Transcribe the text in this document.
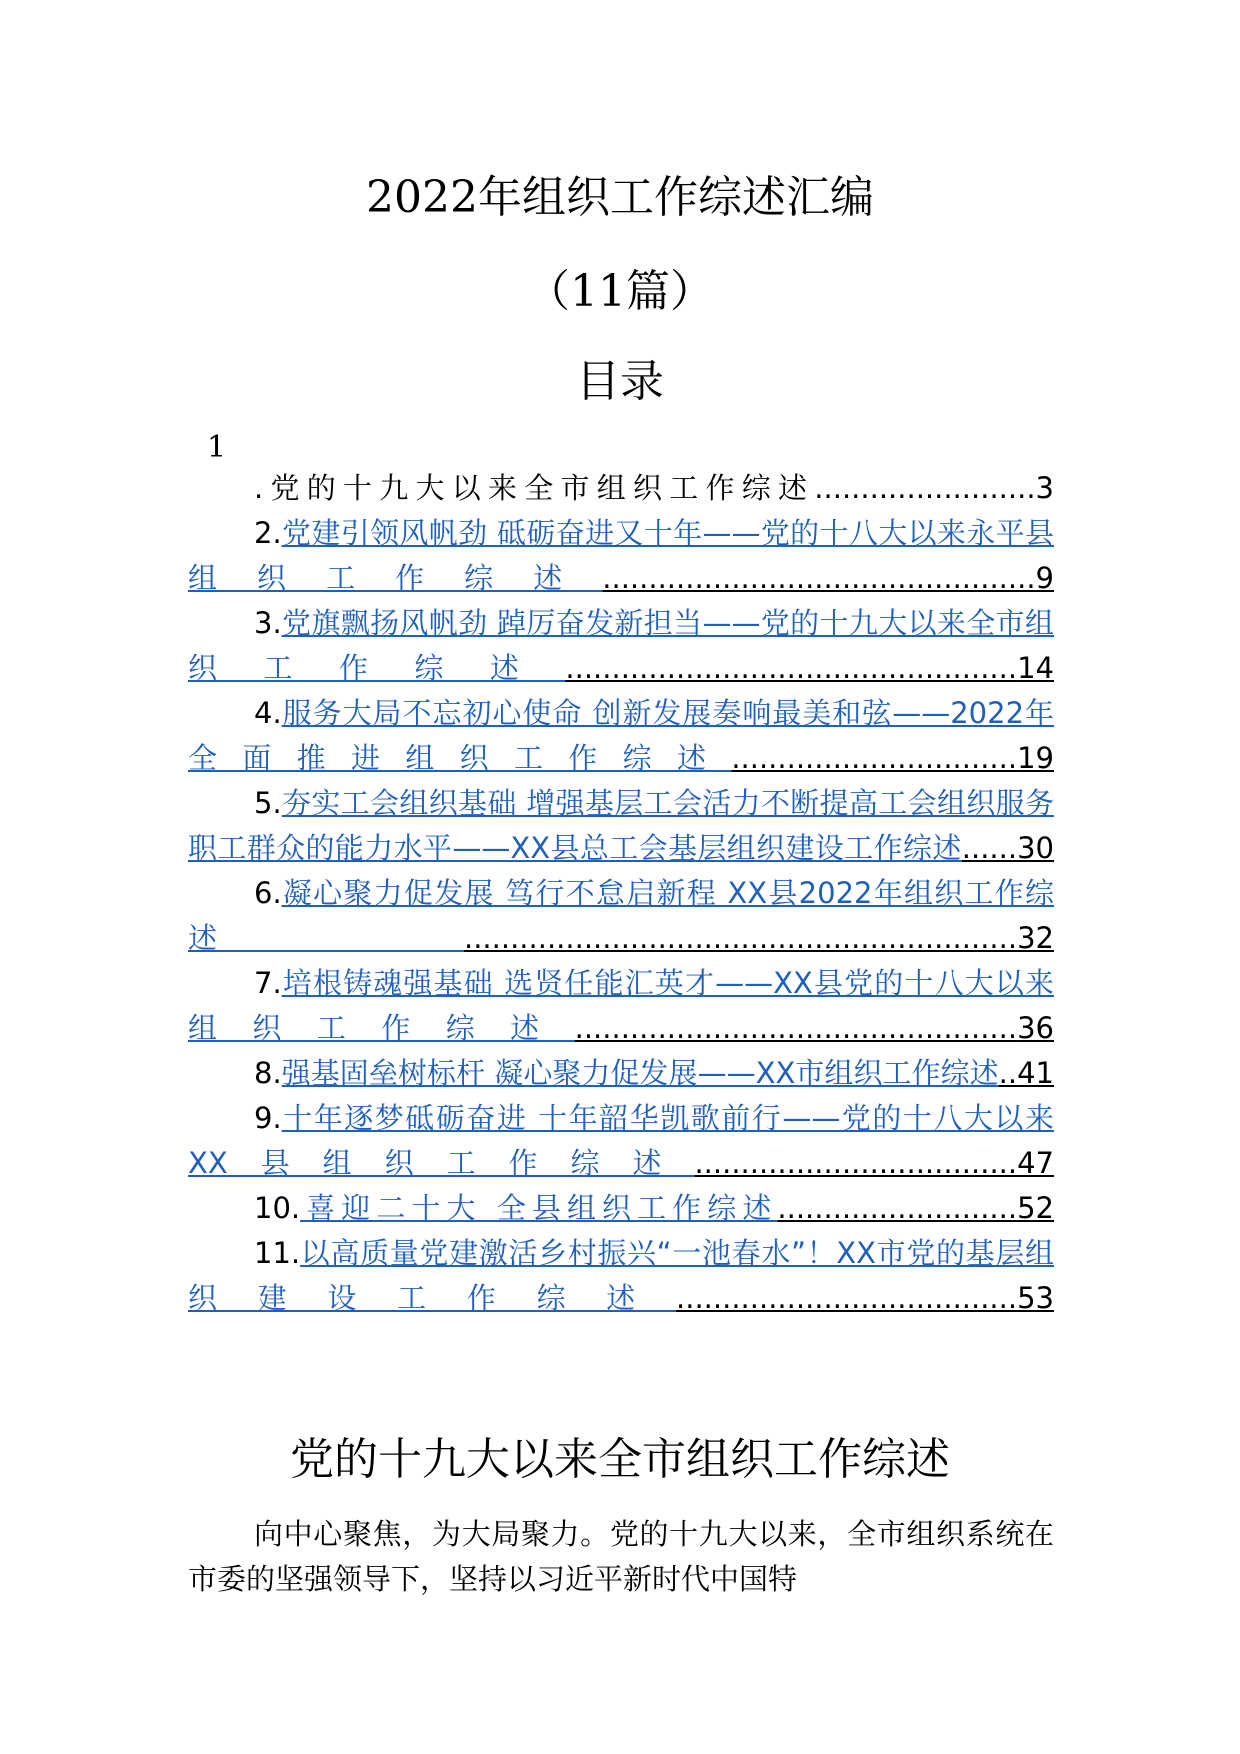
2022年组织工作综述汇编
（11篇）
目录
1

.党的十九大以来全市组织工作综述........................3

2.党建引领风帆劲 砥砺奋进又十年——党的十八大以来永平县组织工作综述...............................................9

3.党旗飘扬风帆劲 踔厉奋发新担当——党的十九大以来全市组织工作综述.................................................14

4.服务大局不忘初心使命 创新发展奏响最美和弦——2022年全面推进组织工作综述...............................19

5.夯实工会组织基础 增强基层工会活力不断提高工会组织服务职工群众的能力水平——XX县总工会基层组织建设工作综述......30

6.凝心聚力促发展 笃行不怠启新程 XX县2022年组织工作综述............................................................32

7.培根铸魂强基础 选贤任能汇英才——XX县党的十八大以来组织工作综述................................................36

8.强基固垒树标杆 凝心聚力促发展——XX市组织工作综述..41

9.十年逐梦砥砺奋进 十年韶华凯歌前行——党的十八大以来XX县组织工作综述...................................47

10.喜迎二十大 全县组织工作综述..........................52

11.以高质量党建激活乡村振兴“一池春水”！XX市党的基层组织建设工作综述.....................................53

党的十九大以来全市组织工作综述

向中心聚焦，为大局聚力。党的十九大以来，全市组织系统在市委的坚强领导下，坚持以习近平新时代中国特
